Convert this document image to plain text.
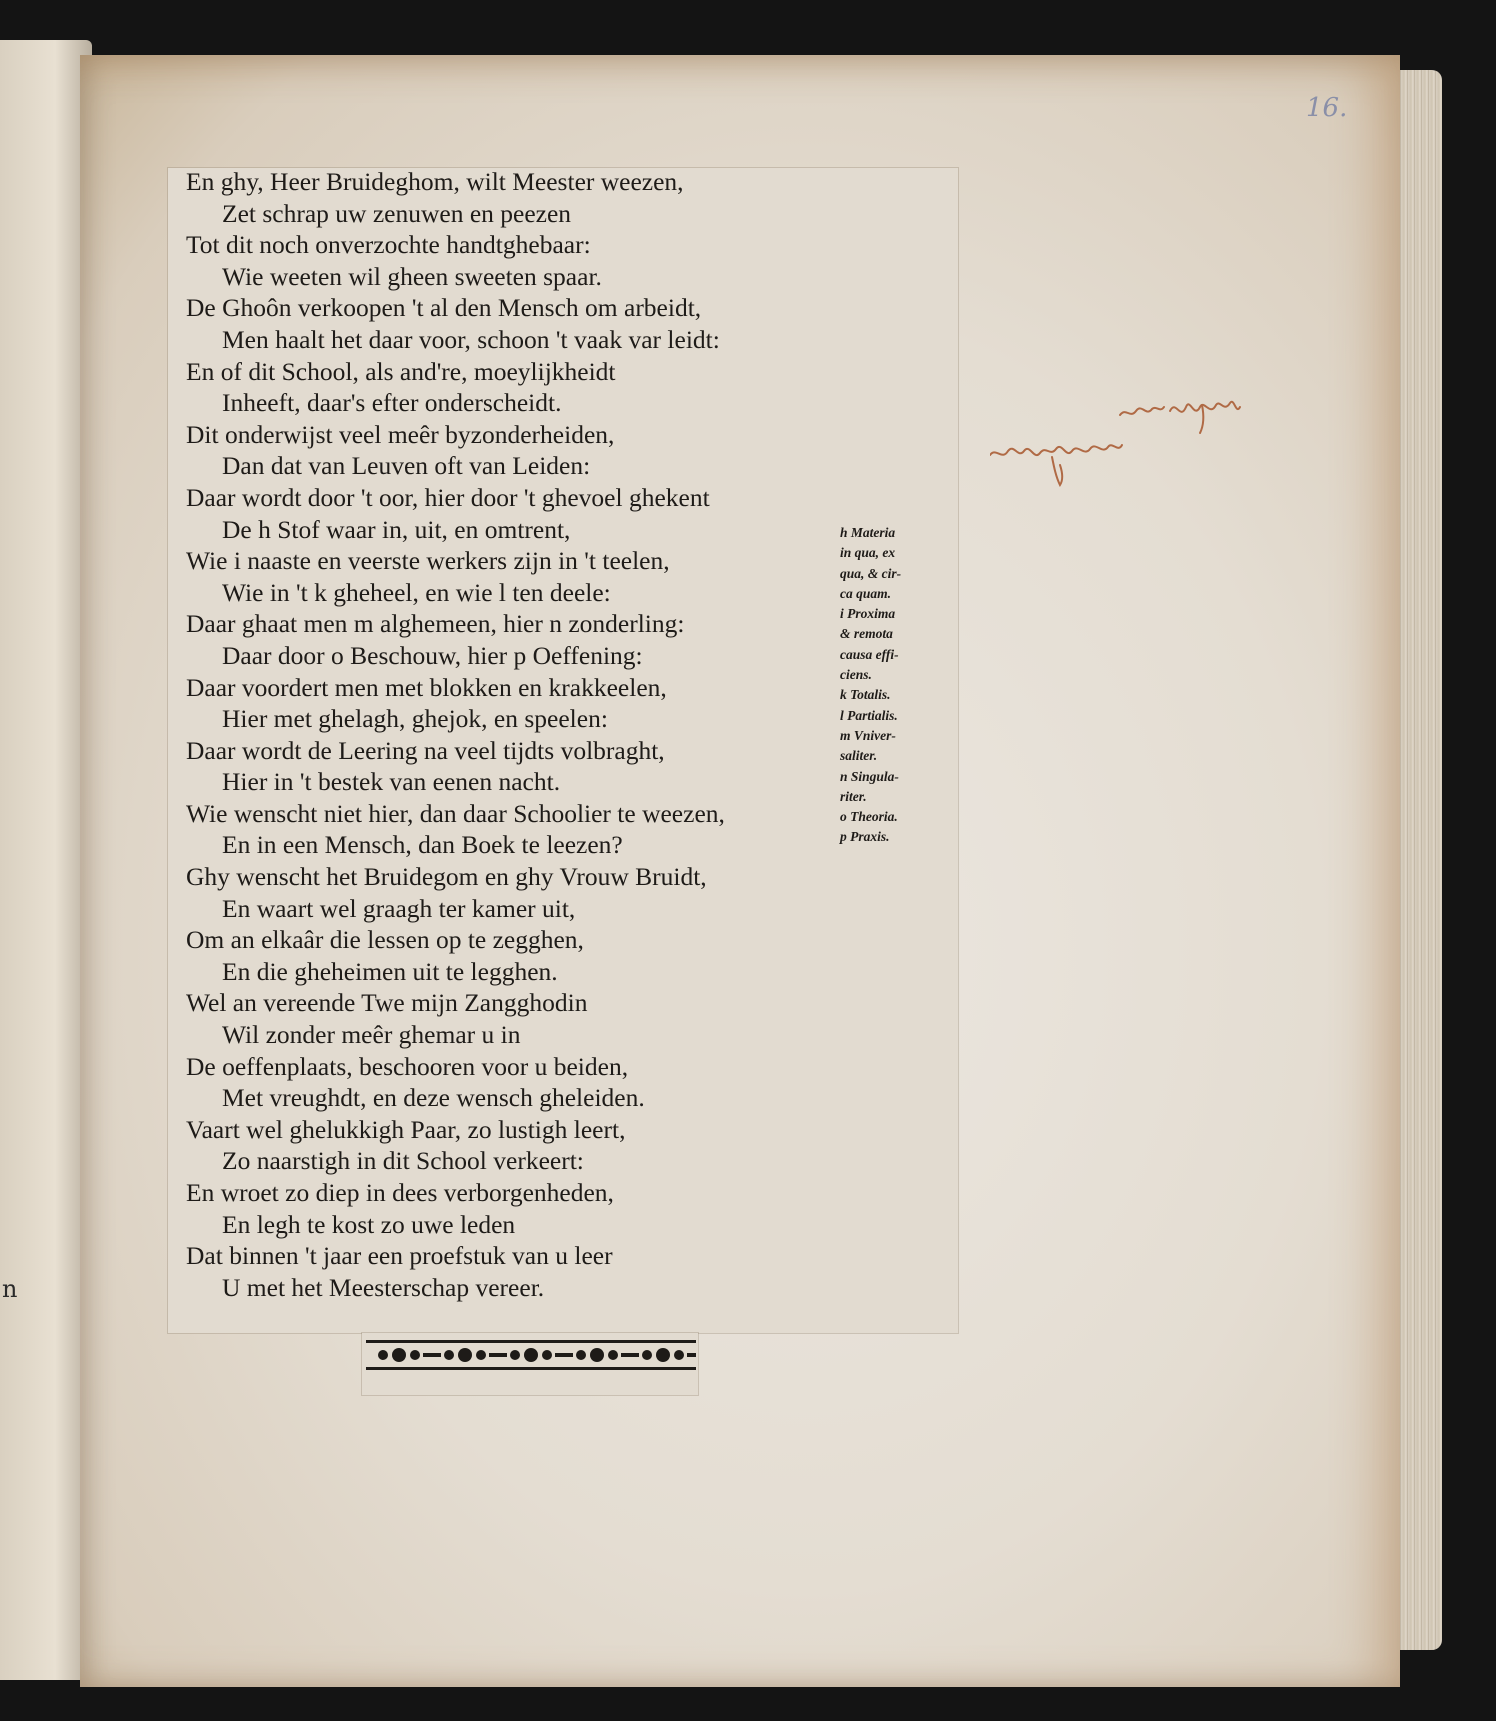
n
16.
En ghy, Heer Bruideghom, wilt Meester weezen,
Zet schrap uw zenuwen en peezen
Tot dit noch onverzochte handtghebaar:
Wie weeten wil gheen sweeten spaar.
De Ghoôn verkoopen 't al den Mensch om arbeidt,
Men haalt het daar voor, schoon 't vaak var leidt:
En of dit School, als and're, moeylijkheidt
Inheeft, daar's efter onderscheidt.
Dit onderwijst veel meêr byzonderheiden,
Dan dat van Leuven oft van Leiden:
Daar wordt door 't oor, hier door 't ghevoel ghekent
De h Stof waar in, uit, en omtrent,
Wie i naaste en veerste werkers zijn in 't teelen,
Wie in 't k gheheel, en wie l ten deele:
Daar ghaat men m alghemeen, hier n zonderling:
Daar door o Beschouw, hier p Oeffening:
Daar voordert men met blokken en krakkeelen,
Hier met ghelagh, ghejok, en speelen:
Daar wordt de Leering na veel tijdts volbraght,
Hier in 't bestek van eenen nacht.
Wie wenscht niet hier, dan daar Schoolier te weezen,
En in een Mensch, dan Boek te leezen?
Ghy wenscht het Bruidegom en ghy Vrouw Bruidt,
En waart wel graagh ter kamer uit,
Om an elkaâr die lessen op te zegghen,
En die gheheimen uit te legghen.
Wel an vereende Twe mijn Zangghodin
Wil zonder meêr ghemar u in
De oeffenplaats, beschooren voor u beiden,
Met vreughdt, en deze wensch gheleiden.
Vaart wel ghelukkigh Paar, zo lustigh leert,
Zo naarstigh in dit School verkeert:
En wroet zo diep in dees verborgenheden,
En legh te kost zo uwe leden
Dat binnen 't jaar een proefstuk van u leer
U met het Meesterschap vereer.
h Materia
in qua, ex
qua, & cir-
ca quam.
i Proxima
& remota
causa effi-
ciens.
k Totalis.
l Partialis.
m Vniver-
saliter.
n Singula-
riter.
o Theoria.
p Praxis.
